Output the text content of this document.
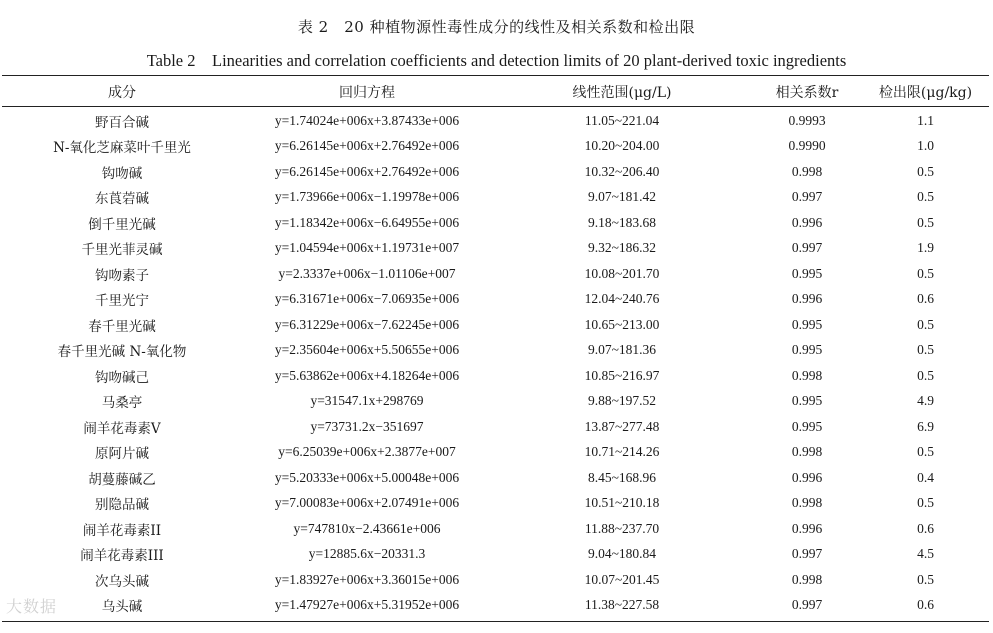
表 2　20 种植物源性毒性成分的线性及相关系数和检出限
Table 2　Linearities and correlation coefficients and detection limits of 20 plant-derived toxic ingredients
成分	回归方程	线性范围(μg/L)	相关系数r	检出限(μg/kg)

野百合碱	y=1.74024e+006x+3.87433e+006	11.05~221.04	0.9993	1.1
N-氧化芝麻菜叶千里光	y=6.26145e+006x+2.76492e+006	10.20~204.00	0.9990	1.0
钩吻碱	y=6.26145e+006x+2.76492e+006	10.32~206.40	0.998	0.5
东莨菪碱	y=1.73966e+006x−1.19978e+006	9.07~181.42	0.997	0.5
倒千里光碱	y=1.18342e+006x−6.64955e+006	9.18~183.68	0.996	0.5
千里光菲灵碱	y=1.04594e+006x+1.19731e+007	9.32~186.32	0.997	1.9
钩吻素子	y=2.3337e+006x−1.01106e+007	10.08~201.70	0.995	0.5
千里光宁	y=6.31671e+006x−7.06935e+006	12.04~240.76	0.996	0.6
春千里光碱	y=6.31229e+006x−7.62245e+006	10.65~213.00	0.995	0.5
春千里光碱 N-氧化物	y=2.35604e+006x+5.50655e+006	9.07~181.36	0.995	0.5
钩吻碱己	y=5.63862e+006x+4.18264e+006	10.85~216.97	0.998	0.5
马桑亭	y=31547.1x+298769	9.88~197.52	0.995	4.9
闹羊花毒素V	y=73731.2x−351697	13.87~277.48	0.995	6.9
原阿片碱	y=6.25039e+006x+2.3877e+007	10.71~214.26	0.998	0.5
胡蔓藤碱乙	y=5.20333e+006x+5.00048e+006	8.45~168.96	0.996	0.4
别隐品碱	y=7.00083e+006x+2.07491e+006	10.51~210.18	0.998	0.5
闹羊花毒素II	y=747810x−2.43661e+006	11.88~237.70	0.996	0.6
闹羊花毒素III	y=12885.6x−20331.3	9.04~180.84	0.997	4.5
次乌头碱	y=1.83927e+006x+3.36015e+006	10.07~201.45	0.998	0.5
乌头碱	y=1.47927e+006x+5.31952e+006	11.38~227.58	0.997	0.6
大数据
